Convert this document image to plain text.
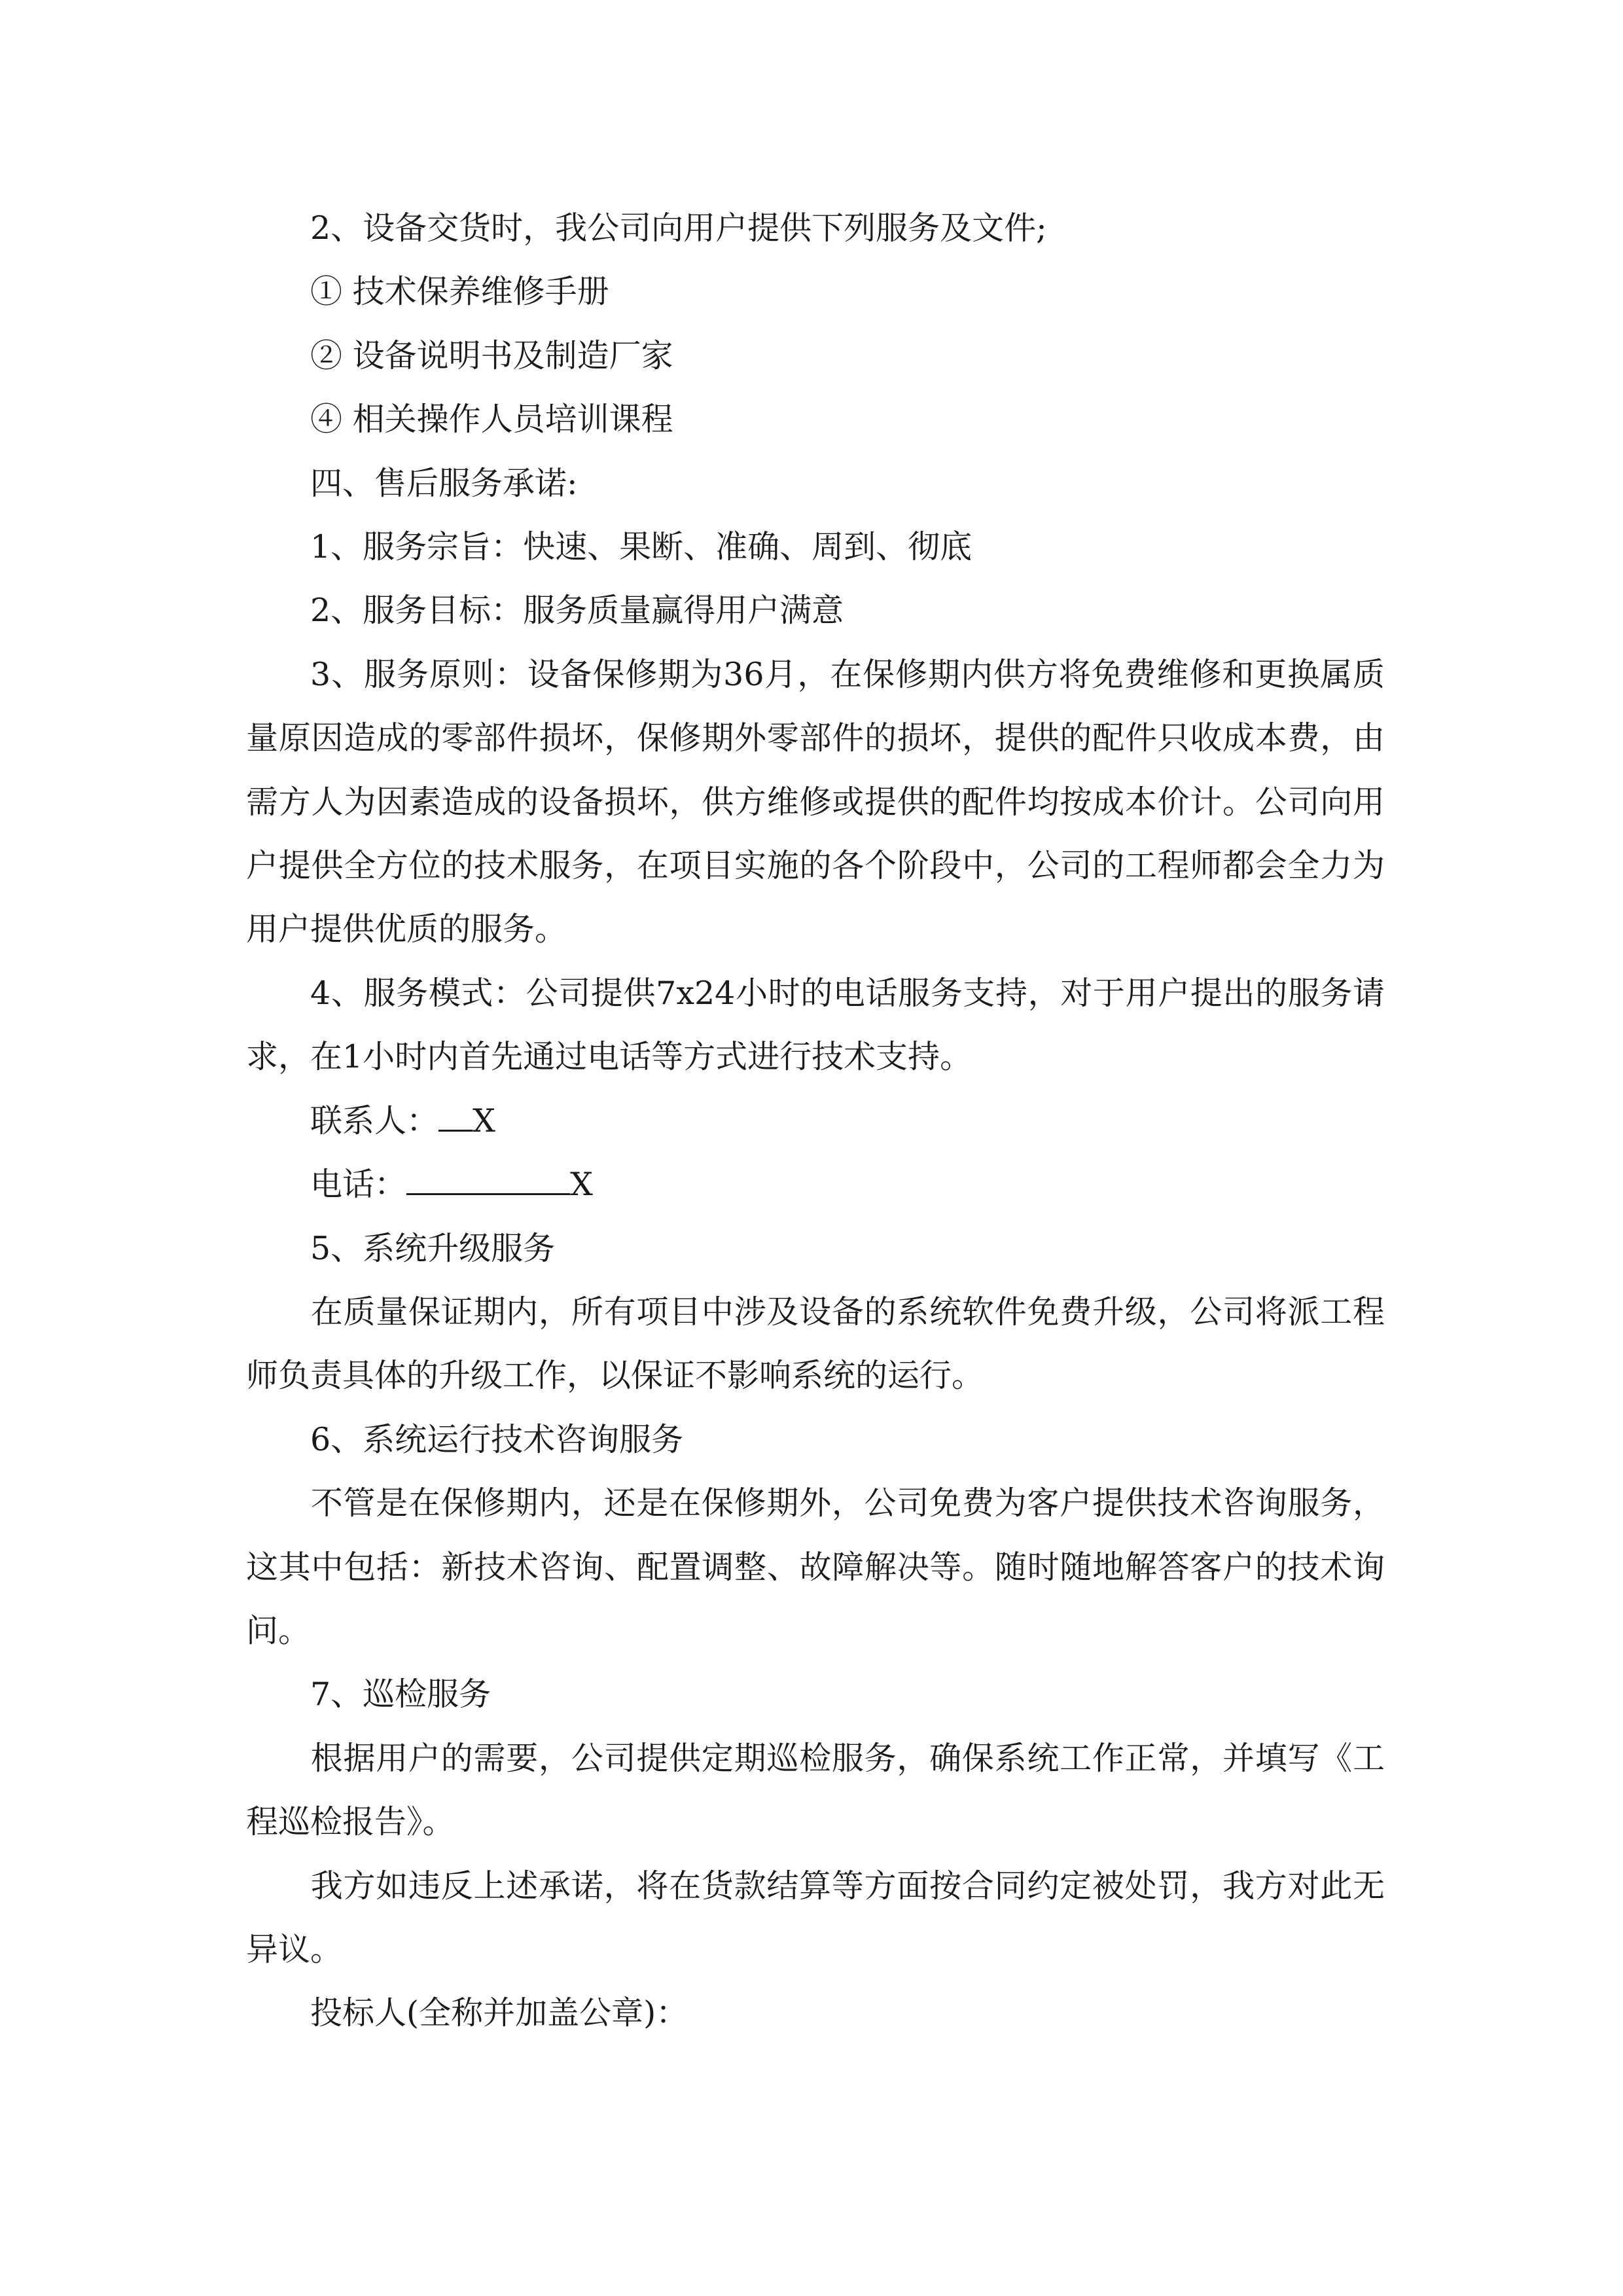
2、设备交货时，我公司向用户提供下列服务及文件;

① 技术保养维修手册

② 设备说明书及制造厂家

④ 相关操作人员培训课程

四、售后服务承诺:

1、服务宗旨：快速、果断、准确、周到、彻底

2、服务目标：服务质量赢得用户满意

3、服务原则：设备保修期为36月，在保修期内供方将免费维修和更换属质量原因造成的零部件损坏，保修期外零部件的损坏，提供的配件只收成本费，由需方人为因素造成的设备损坏，供方维修或提供的配件均按成本价计。公司向用户提供全方位的技术服务，在项目实施的各个阶段中，公司的工程师都会全力为用户提供优质的服务。

4、服务模式：公司提供7x24小时的电话服务支持，对于用户提出的服务请求，在1小时内首先通过电话等方式进行技术支持。

联系人： X

电话：	X

5、系统升级服务

在质量保证期内，所有项目中涉及设备的系统软件免费升级，公司将派工程师负责具体的升级工作，以保证不影响系统的运行。

6、系统运行技术咨询服务

不管是在保修期内，还是在保修期外，公司免费为客户提供技术咨询服务，这其中包括：新技术咨询、配置调整、故障解决等。随时随地解答客户的技术询问。

7、巡检服务

根据用户的需要，公司提供定期巡检服务，确保系统工作正常，并填写《工程巡检报告》。

我方如违反上述承诺，将在货款结算等方面按合同约定被处罚，我方对此无异议。

投标人(全称并加盖公章)：
